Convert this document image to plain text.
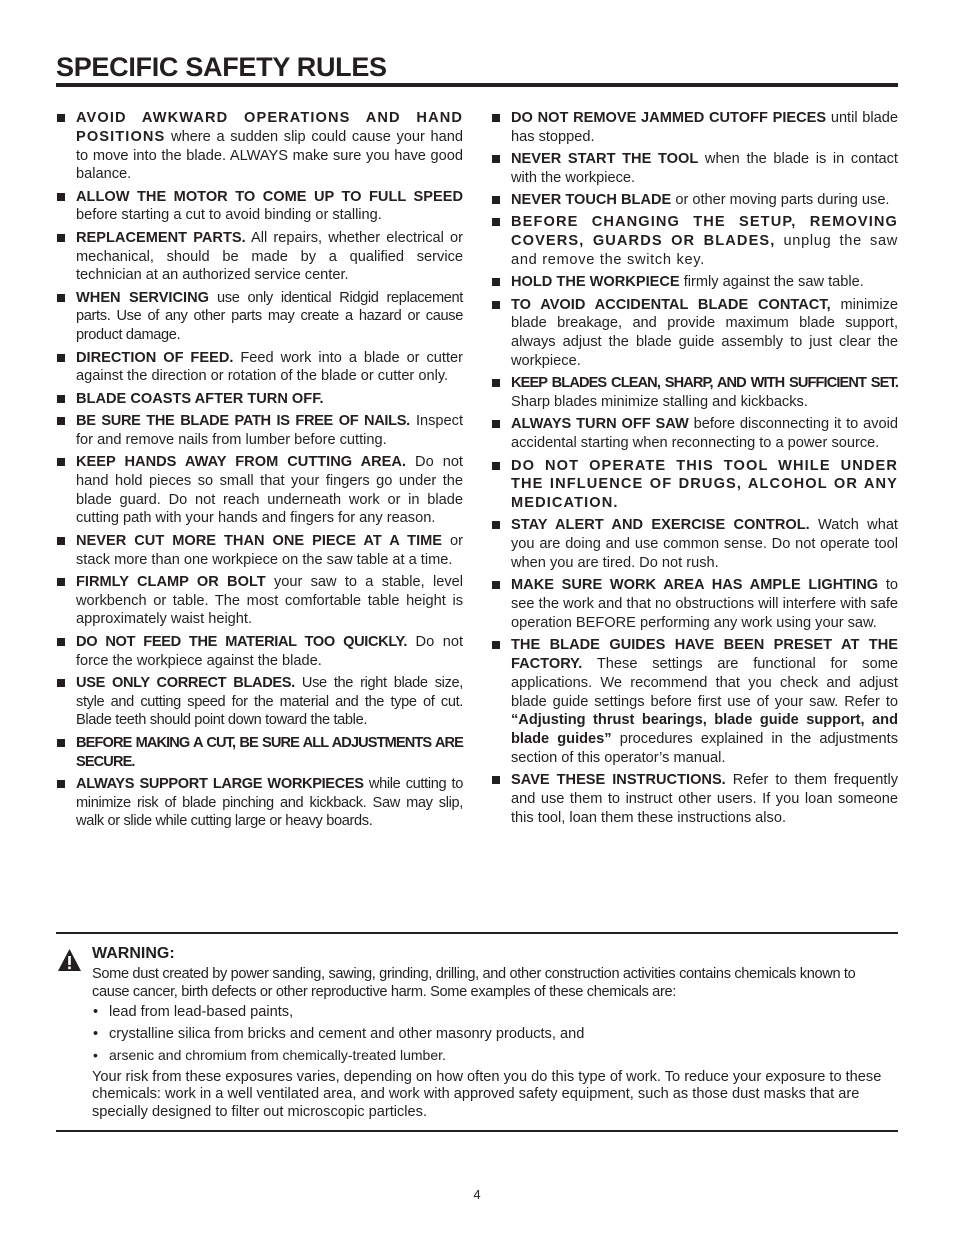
SPECIFIC SAFETY RULES
AVOID AWKWARD OPERATIONS AND HAND POSITIONS where a sudden slip could cause your hand to move into the blade. ALWAYS make sure you have good balance.
ALLOW THE MOTOR TO COME UP TO FULL SPEED before starting a cut to avoid binding or stalling.
REPLACEMENT PARTS. All repairs, whether electrical or mechanical, should be made by a qualified service technician at an authorized service center.
WHEN SERVICING use only identical Ridgid replacement parts. Use of any other parts may create a hazard or cause product damage.
DIRECTION OF FEED. Feed work into a blade or cutter against the direction or rotation of the blade or cutter only.
BLADE COASTS AFTER TURN OFF.
BE SURE THE BLADE PATH IS FREE OF NAILS. Inspect for and remove nails from lumber before cutting.
KEEP HANDS AWAY FROM CUTTING AREA. Do not hand hold pieces so small that your fingers go under the blade guard. Do not reach underneath work or in blade cutting path with your hands and fingers for any reason.
NEVER CUT MORE THAN ONE PIECE AT A TIME or stack more than one workpiece on the saw table at a time.
FIRMLY CLAMP OR BOLT your saw to a stable, level workbench or table. The most comfortable table height is approximately waist height.
DO NOT FEED THE MATERIAL TOO QUICKLY. Do not force the workpiece against the blade.
USE ONLY CORRECT BLADES. Use the right blade size, style and cutting speed for the material and the type of cut. Blade teeth should point down toward the table.
BEFORE MAKING A CUT, BE SURE ALL ADJUSTMENTS ARE SECURE.
ALWAYS SUPPORT LARGE WORKPIECES while cutting to minimize risk of blade pinching and kickback. Saw may slip, walk or slide while cutting large or heavy boards.
DO NOT REMOVE JAMMED CUTOFF PIECES until blade has stopped.
NEVER START THE TOOL when the blade is in contact with the workpiece.
NEVER TOUCH BLADE or other moving parts during use.
BEFORE CHANGING THE SETUP, REMOVING COVERS, GUARDS OR BLADES, unplug the saw and remove the switch key.
HOLD THE WORKPIECE firmly against the saw table.
TO AVOID ACCIDENTAL BLADE CONTACT, minimize blade breakage, and provide maximum blade support, always adjust the blade guide assembly to just clear the workpiece.
KEEP BLADES CLEAN, SHARP, AND WITH SUFFICIENT SET. Sharp blades minimize stalling and kickbacks.
ALWAYS TURN OFF SAW before disconnecting it to avoid accidental starting when reconnecting to a power source.
DO NOT OPERATE THIS TOOL WHILE UNDER THE INFLUENCE OF DRUGS, ALCOHOL OR ANY MEDICATION.
STAY ALERT AND EXERCISE CONTROL. Watch what you are doing and use common sense. Do not operate tool when you are tired. Do not rush.
MAKE SURE WORK AREA HAS AMPLE LIGHTING to see the work and that no obstructions will interfere with safe operation BEFORE performing any work using your saw.
THE BLADE GUIDES HAVE BEEN PRESET AT THE FACTORY. These settings are functional for some applications. We recommend that you check and adjust blade guide settings before first use of your saw. Refer to “Adjusting thrust bearings, blade guide support, and blade guides” procedures explained in the adjustments section of this operator’s manual.
SAVE THESE INSTRUCTIONS. Refer to them frequently and use them to instruct other users. If you loan someone this tool, loan them these instructions also.
WARNING:

Some dust created by power sanding, sawing, grinding, drilling, and other construction activities contains chemicals known to cause cancer, birth defects or other reproductive harm. Some examples of these chemicals are:

• lead from lead-based paints,
• crystalline silica from bricks and cement and other masonry products, and
• arsenic and chromium from chemically-treated lumber.

Your risk from these exposures varies, depending on how often you do this type of work. To reduce your exposure to these chemicals: work in a well ventilated area, and work with approved safety equipment, such as those dust masks that are specially designed to filter out microscopic particles.

4
